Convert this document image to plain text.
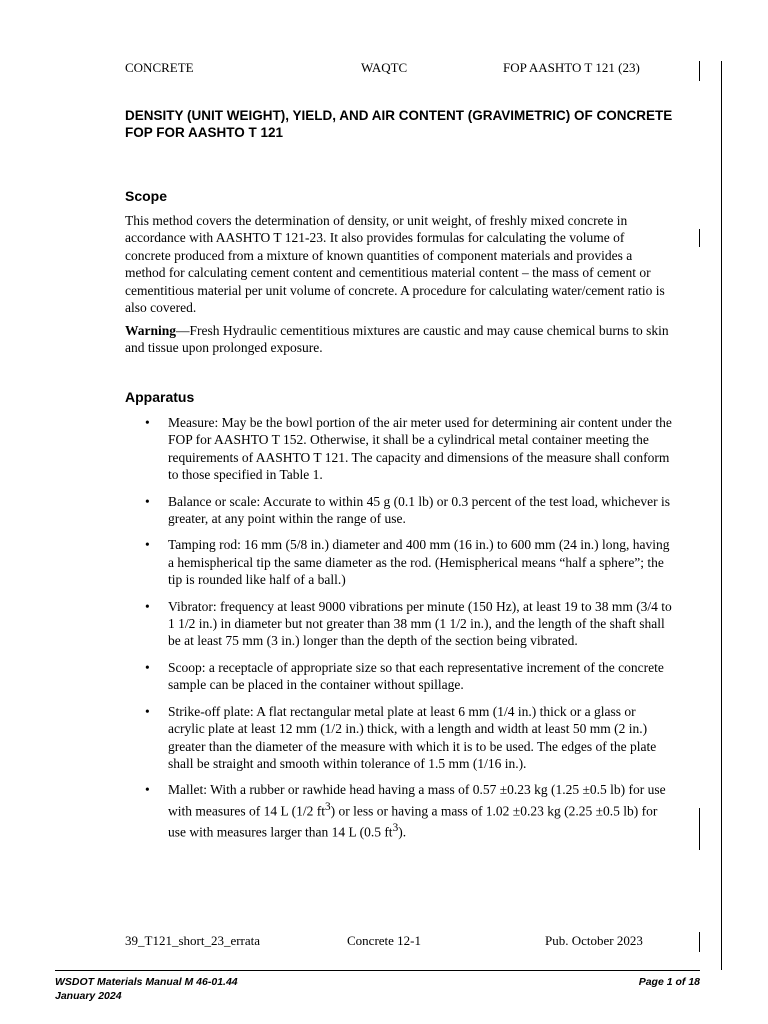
CONCRETE	WAQTC	FOP AASHTO T 121 (23)
DENSITY (UNIT WEIGHT), YIELD, AND AIR CONTENT (GRAVIMETRIC) OF CONCRETE
FOP FOR AASHTO T 121
Scope
This method covers the determination of density, or unit weight, of freshly mixed concrete in accordance with AASHTO T 121-23. It also provides formulas for calculating the volume of concrete produced from a mixture of known quantities of component materials and provides a method for calculating cement content and cementitious material content – the mass of cement or cementitious material per unit volume of concrete. A procedure for calculating water/cement ratio is also covered.
Warning—Fresh Hydraulic cementitious mixtures are caustic and may cause chemical burns to skin and tissue upon prolonged exposure.
Apparatus
• Measure: May be the bowl portion of the air meter used for determining air content under the FOP for AASHTO T 152. Otherwise, it shall be a cylindrical metal container meeting the requirements of AASHTO T 121. The capacity and dimensions of the measure shall conform to those specified in Table 1.
• Balance or scale: Accurate to within 45 g (0.1 lb) or 0.3 percent of the test load, whichever is greater, at any point within the range of use.
• Tamping rod: 16 mm (5/8 in.) diameter and 400 mm (16 in.) to 600 mm (24 in.) long, having a hemispherical tip the same diameter as the rod. (Hemispherical means “half a sphere”; the tip is rounded like half of a ball.)
• Vibrator: frequency at least 9000 vibrations per minute (150 Hz), at least 19 to 38 mm (3/4 to 1 1/2 in.) in diameter but not greater than 38 mm (1 1/2 in.), and the length of the shaft shall be at least 75 mm (3 in.) longer than the depth of the section being vibrated.
• Scoop: a receptacle of appropriate size so that each representative increment of the concrete sample can be placed in the container without spillage.
• Strike-off plate: A flat rectangular metal plate at least 6 mm (1/4 in.) thick or a glass or acrylic plate at least 12 mm (1/2 in.) thick, with a length and width at least 50 mm (2 in.) greater than the diameter of the measure with which it is to be used. The edges of the plate shall be straight and smooth within tolerance of 1.5 mm (1/16 in.).
• Mallet: With a rubber or rawhide head having a mass of 0.57 ±0.23 kg (1.25 ±0.5 lb) for use with measures of 14 L (1/2 $ft^3$) or less or having a mass of 1.02 ±0.23 kg (2.25 ±0.5 lb) for use with measures larger than 14 L (0.5 $ft^3$).
39_T121_short_23_errata	Concrete 12-1	Pub. October 2023
WSDOT Materials Manual M 46-01.44
January 2024
Page 1 of 18
